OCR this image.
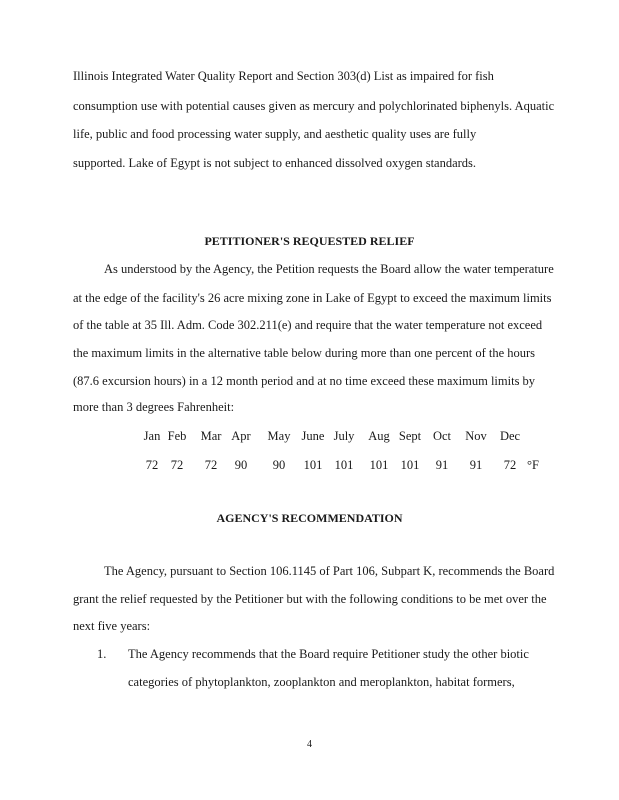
Illinois Integrated Water Quality Report and Section 303(d) List as impaired for fish
consumption use with potential causes given as mercury and polychlorinated biphenyls. Aquatic
life, public and food processing water supply, and aesthetic quality uses are fully
supported. Lake of Egypt is not subject to enhanced dissolved oxygen standards.
PETITIONER'S REQUESTED RELIEF
As understood by the Agency, the Petition requests the Board allow the water temperature
at the edge of the facility's 26 acre mixing zone in Lake of Egypt to exceed the maximum limits
of the table at 35 Ill. Adm. Code 302.211(e) and require that the water temperature not exceed
the maximum limits in the alternative table below during more than one percent of the hours
(87.6 excursion hours) in a 12 month period and at no time exceed these maximum limits by
more than 3 degrees Fahrenheit:
Jan Feb	Mar Apr	May June July	Aug Sept Oct	Nov	Dec
72	72	72	90	90	101 101	101 101	91	91	72 °F
AGENCY'S RECOMMENDATION
The Agency, pursuant to Section 106.1145 of Part 106, Subpart K, recommends the Board
grant the relief requested by the Petitioner but with the following conditions to be met over the
next five years:
1. The Agency recommends that the Board require Petitioner study the other biotic
categories of phytoplankton, zooplankton and meroplankton, habitat formers,
4
